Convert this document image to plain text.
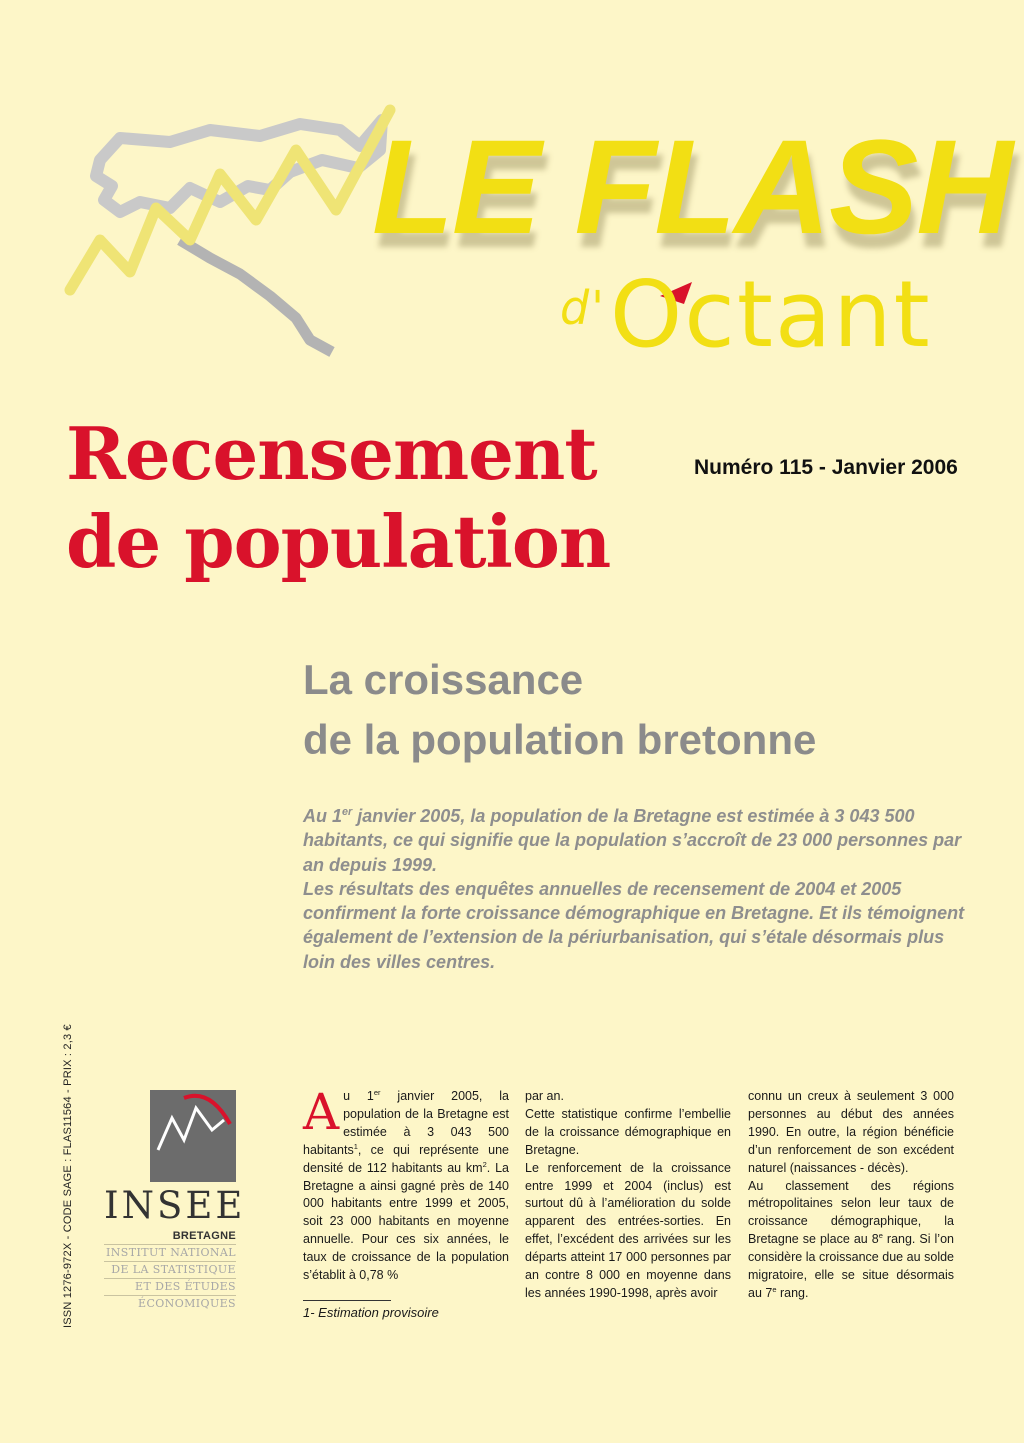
LE FLASH
$^{d'}$Octant
Recensement
de population
Numéro 115 - Janvier 2006
La croissance
de la population bretonne

Au 1er janvier 2005, la population de la Bretagne est estimée à 3 043 500 habitants, ce qui signifie que la population s’accroît de 23 000 personnes par an depuis 1999.

Les résultats des enquêtes annuelles de recensement de 2004 et 2005 confirment la forte croissance démographique en Bretagne. Et ils témoignent également de l’extension de la périurbanisation, qui s’étale désormais plus loin des villes centres.

ISSN 1276-972X - CODE SAGE : FLAS11564 - PRIX : 2,3 € INSEE
BRETAGNE
INSTITUT NATIONAL
DE LA STATISTIQUE
ET DES ÉTUDES
ÉCONOMIQUES

Au 1er janvier 2005, la population de la Bretagne est estimée à 3 043 500 habitants$^1$, ce qui représente une densité de 112 habitants au $km^2$. La Bretagne a ainsi gagné près de 140 000 habitants entre 1999 et 2005, soit 23 000 habitants en moyenne annuelle. Pour ces six années, le taux de croissance de la population s’établit à 0,78 %

1- Estimation provisoire

par an.

Cette statistique confirme l’embellie de la croissance démographique en Bretagne.

Le renforcement de la croissance entre 1999 et 2004 (inclus) est surtout dû à l’amélioration du solde apparent des entrées-sorties. En effet, l’excédent des arrivées sur les départs atteint 17 000 personnes par an contre 8 000 en moyenne dans les années 1990-1998, après avoir

connu un creux à seulement 3 000 personnes au début des années 1990. En outre, la région bénéficie d’un renforcement de son excédent naturel (naissances - décès).

Au classement des régions métropolitaines selon leur taux de croissance démographique, la Bretagne se place au 8e rang. Si l’on considère la croissance due au solde migratoire, elle se situe désormais au 7e rang.
